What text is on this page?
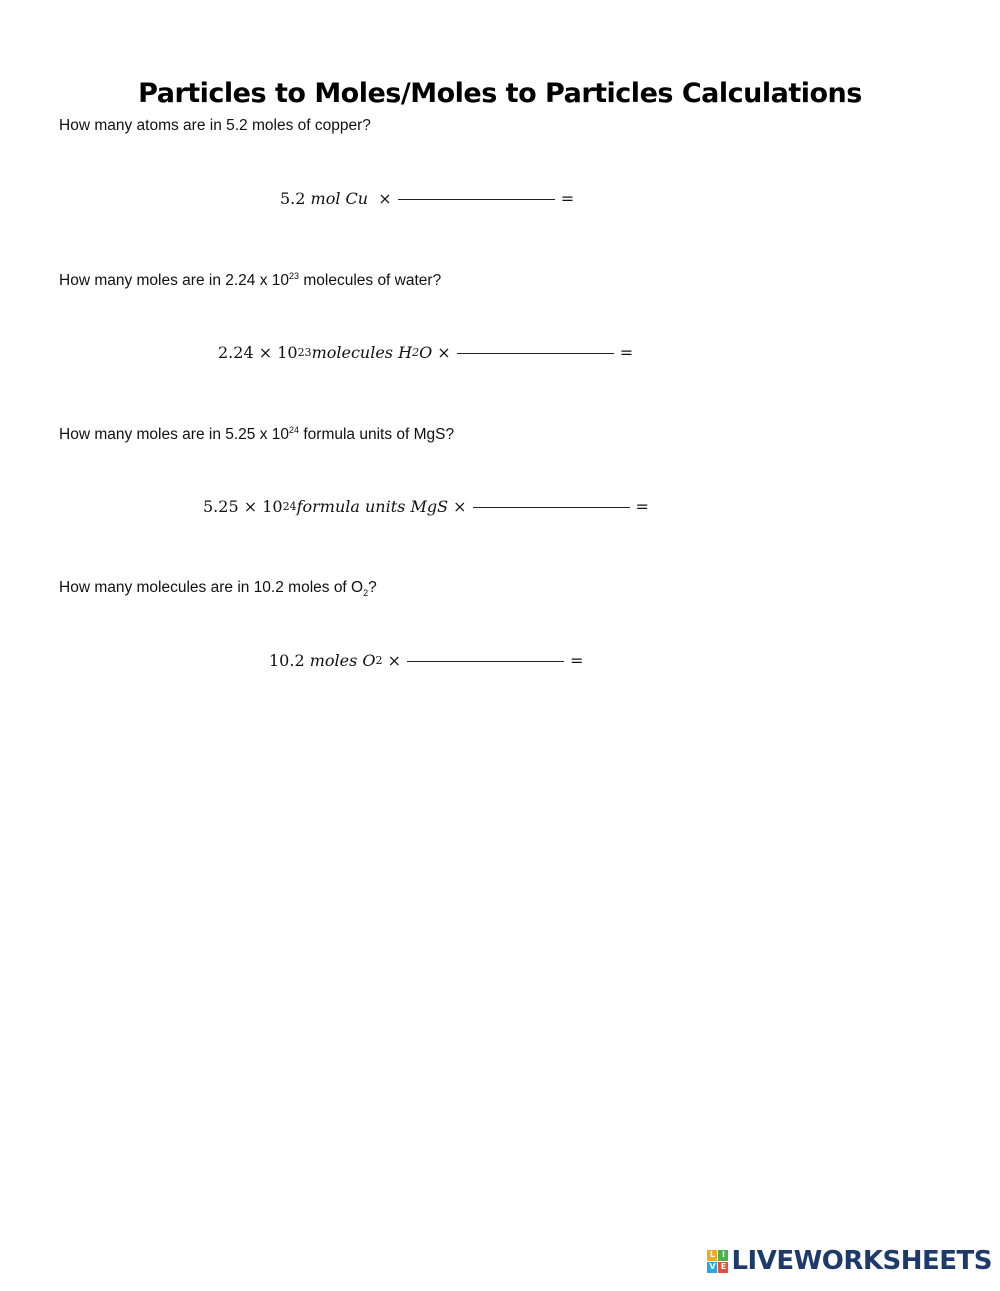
Particles to Moles/Moles to Particles Calculations
How many atoms are in 5.2 moles of copper?
5.2
mol Cu
×	=
How many moles are in 2.24 x $10^{23}$ molecules of water?
2.24 × 10 23 molecules H 2 O
×	=
How many moles are in 5.25 x $10^{24}$ formula units of MgS?
5.25 × 10 24 formula units MgS
×	=
How many molecules are in 10.2 moles of $O_2$?
10.2
moles O 2
×	=
L I
V E LIVEWORKSHEETS
